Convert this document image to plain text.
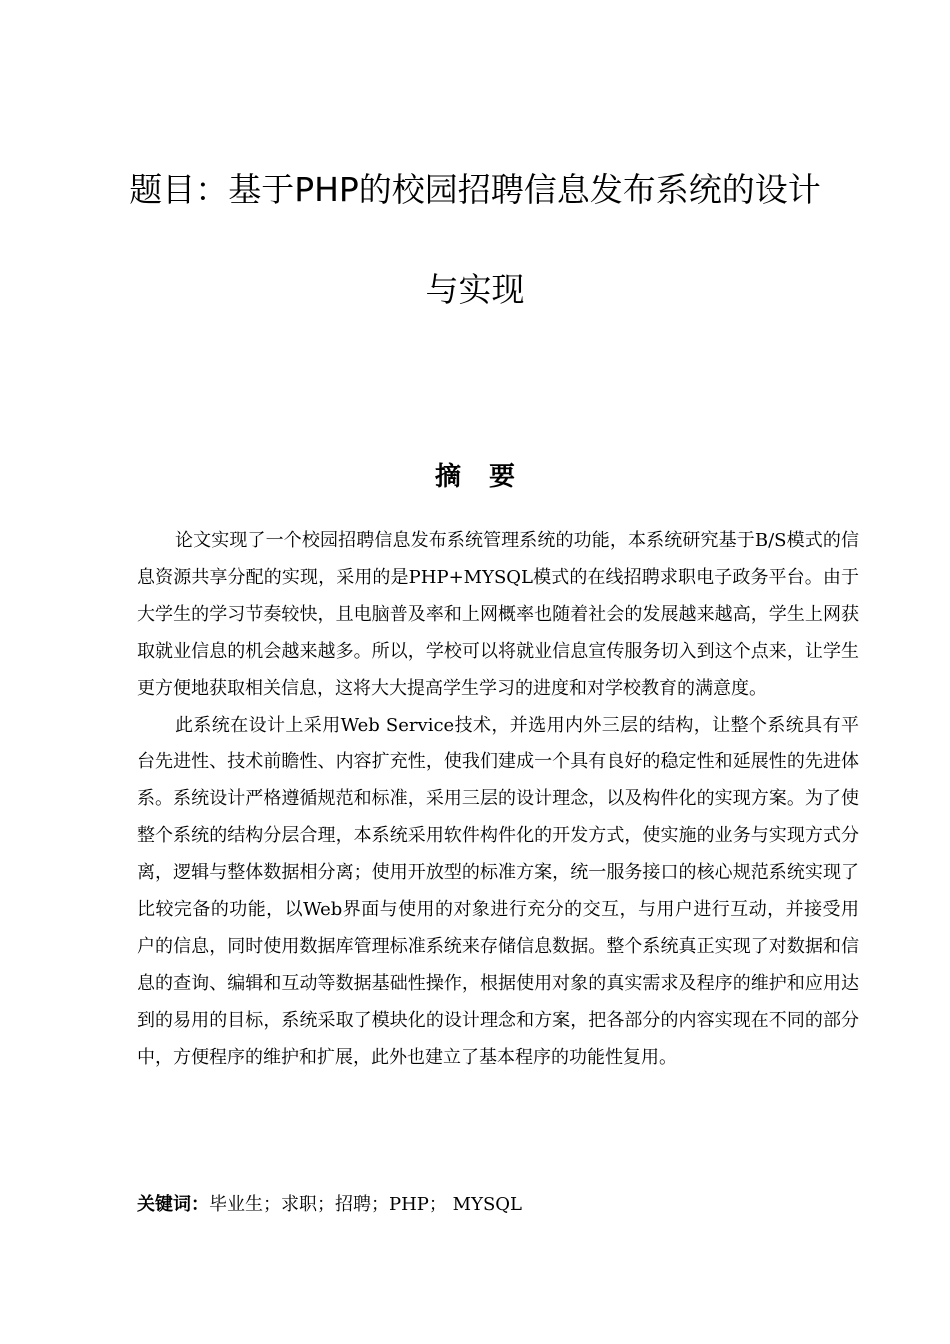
题目：基于PHP的校园招聘信息发布系统的设计
与实现
摘要

论文实现了一个校园招聘信息发布系统管理系统的功能，本系统研究基于B/S模式的信息资源共享分配的实现，采用的是PHP+MYSQL模式的在线招聘求职电子政务平台。由于大学生的学习节奏较快，且电脑普及率和上网概率也随着社会的发展越来越高，学生上网获取就业信息的机会越来越多。所以，学校可以将就业信息宣传服务切入到这个点来，让学生更方便地获取相关信息，这将大大提高学生学习的进度和对学校教育的满意度。

此系统在设计上采用Web Service技术，并选用内外三层的结构，让整个系统具有平台先进性、技术前瞻性、内容扩充性，使我们建成一个具有良好的稳定性和延展性的先进体系。系统设计严格遵循规范和标准，采用三层的设计理念，以及构件化的实现方案。为了使整个系统的结构分层合理，本系统采用软件构件化的开发方式，使实施的业务与实现方式分离，逻辑与整体数据相分离；使用开放型的标准方案，统一服务接口的核心规范系统实现了比较完备的功能，以Web界面与使用的对象进行充分的交互，与用户进行互动，并接受用户的信息，同时使用数据库管理标准系统来存储信息数据。整个系统真正实现了对数据和信息的查询、编辑和互动等数据基础性操作，根据使用对象的真实需求及程序的维护和应用达到的易用的目标，系统采取了模块化的设计理念和方案，把各部分的内容实现在不同的部分中，方便程序的维护和扩展，此外也建立了基本程序的功能性复用。

关键词：毕业生；求职；招聘；PHP； MYSQL
